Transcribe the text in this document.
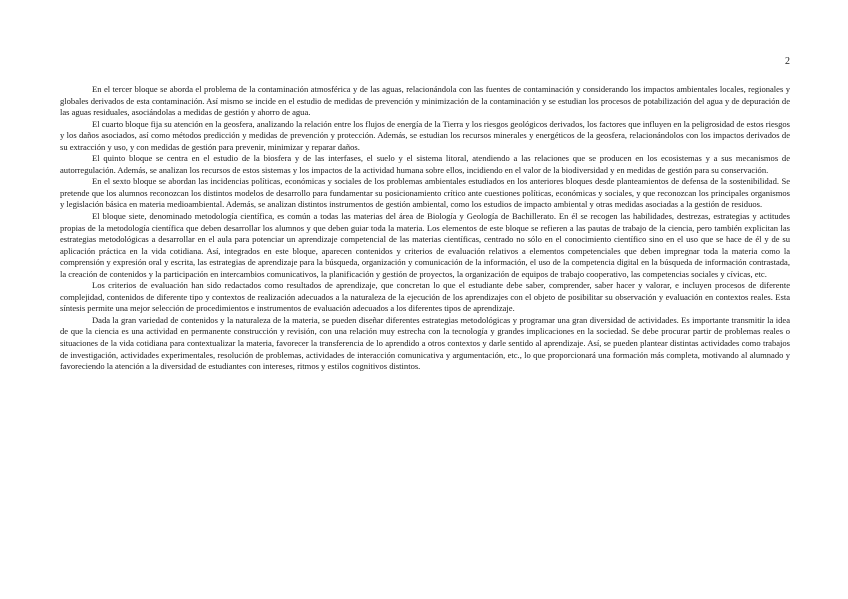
2

En el tercer bloque se aborda el problema de la contaminación atmosférica y de las aguas, relacionándola con las fuentes de contaminación y considerando los impactos ambientales locales, regionales y globales derivados de esta contaminación. Así mismo se incide en el estudio de medidas de prevención y minimización de la contaminación y se estudian los procesos de potabilización del agua y de depuración de las aguas residuales, asociándolas a medidas de gestión y ahorro de agua.

El cuarto bloque fija su atención en la geosfera, analizando la relación entre los flujos de energía de la Tierra y los riesgos geológicos derivados, los factores que influyen en la peligrosidad de estos riesgos y los daños asociados, así como métodos predicción y medidas de prevención y protección. Además, se estudian los recursos minerales y energéticos de la geosfera, relacionándolos con los impactos derivados de su extracción y uso, y con medidas de gestión para prevenir, minimizar y reparar daños.

El quinto bloque se centra en el estudio de la biosfera y de las interfases, el suelo y el sistema litoral, atendiendo a las relaciones que se producen en los ecosistemas y a sus mecanismos de autorregulación. Además, se analizan los recursos de estos sistemas y los impactos de la actividad humana sobre ellos, incidiendo en el valor de la biodiversidad y en medidas de gestión para su conservación.

En el sexto bloque se abordan las incidencias políticas, económicas y sociales de los problemas ambientales estudiados en los anteriores bloques desde planteamientos de defensa de la sostenibilidad. Se pretende que los alumnos reconozcan los distintos modelos de desarrollo para fundamentar su posicionamiento crítico ante cuestiones políticas, económicas y sociales, y que reconozcan los principales organismos y legislación básica en materia medioambiental. Además, se analizan distintos instrumentos de gestión ambiental, como los estudios de impacto ambiental y otras medidas asociadas a la gestión de residuos.

El bloque siete, denominado metodología científica, es común a todas las materias del área de Biología y Geología de Bachillerato. En él se recogen las habilidades, destrezas, estrategias y actitudes propias de la metodología científica que deben desarrollar los alumnos y que deben guiar toda la materia. Los elementos de este bloque se refieren a las pautas de trabajo de la ciencia, pero también explicitan las estrategias metodológicas a desarrollar en el aula para potenciar un aprendizaje competencial de las materias científicas, centrado no sólo en el conocimiento científico sino en el uso que se hace de él y de su aplicación práctica en la vida cotidiana. Así, integrados en este bloque, aparecen contenidos y criterios de evaluación relativos a elementos competenciales que deben impregnar toda la materia como la comprensión y expresión oral y escrita, las estrategias de aprendizaje para la búsqueda, organización y comunicación de la información, el uso de la competencia digital en la búsqueda de información contrastada, la creación de contenidos y la participación en intercambios comunicativos, la planificación y gestión de proyectos, la organización de equipos de trabajo cooperativo, las competencias sociales y cívicas, etc.

Los criterios de evaluación han sido redactados como resultados de aprendizaje, que concretan lo que el estudiante debe saber, comprender, saber hacer y valorar, e incluyen procesos de diferente complejidad, contenidos de diferente tipo y contextos de realización adecuados a la naturaleza de la ejecución de los aprendizajes con el objeto de posibilitar su observación y evaluación en contextos reales. Esta síntesis permite una mejor selección de procedimientos e instrumentos de evaluación adecuados a los diferentes tipos de aprendizaje.

Dada la gran variedad de contenidos y la naturaleza de la materia, se pueden diseñar diferentes estrategias metodológicas y programar una gran diversidad de actividades. Es importante transmitir la idea de que la ciencia es una actividad en permanente construcción y revisión, con una relación muy estrecha con la tecnología y grandes implicaciones en la sociedad. Se debe procurar partir de problemas reales o situaciones de la vida cotidiana para contextualizar la materia, favorecer la transferencia de lo aprendido a otros contextos y darle sentido al aprendizaje. Así, se pueden plantear distintas actividades como trabajos de investigación, actividades experimentales, resolución de problemas, actividades de interacción comunicativa y argumentación, etc., lo que proporcionará una formación más completa, motivando al alumnado y favoreciendo la atención a la diversidad de estudiantes con intereses, ritmos y estilos cognitivos distintos.
